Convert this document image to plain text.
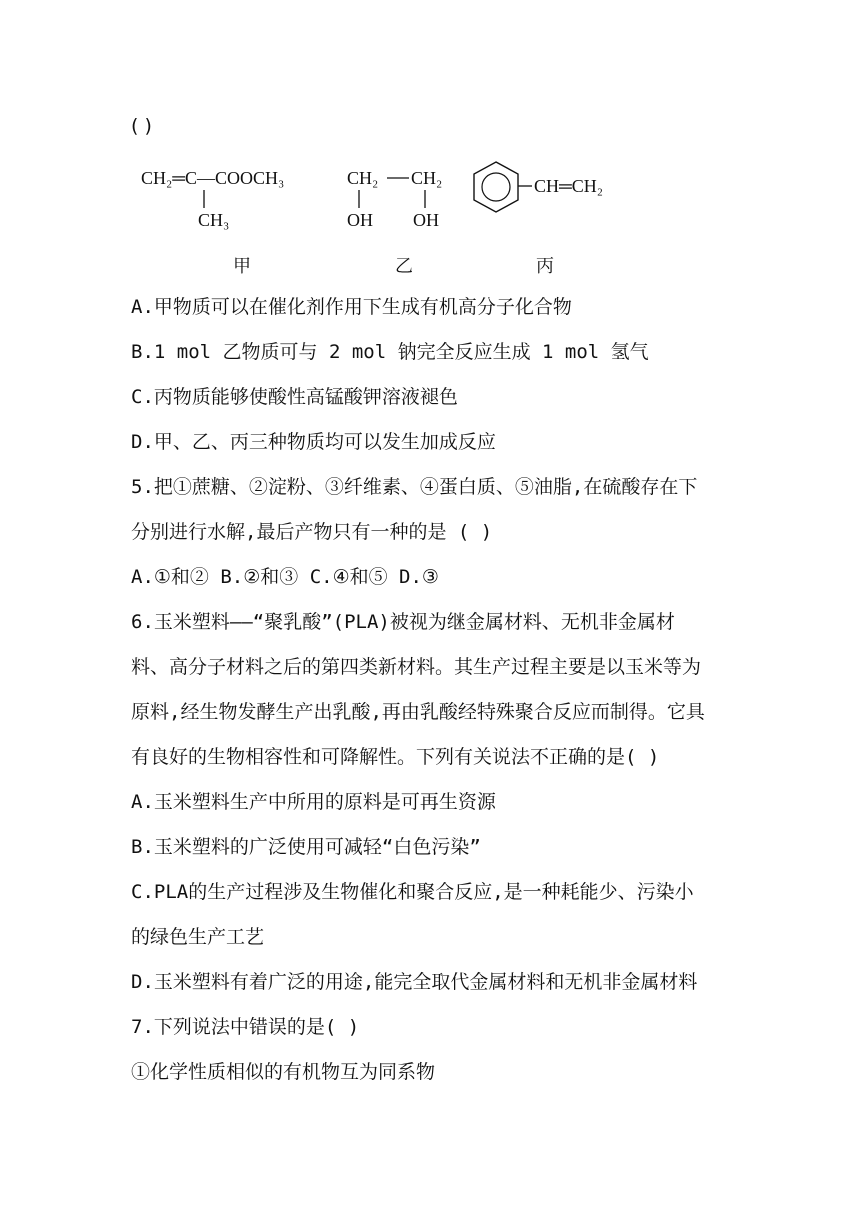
( )
CH₂═C—COOCH₃
CH₃
甲
CH₂ CH₂
OH OH
乙
CH═CH₂
丙
A.甲物质可以在催化剂作用下生成有机高分子化合物
B.1 mol 乙物质可与 2 mol 钠完全反应生成 1 mol 氢气
C.丙物质能够使酸性高锰酸钾溶液褪色
D.甲、乙、丙三种物质均可以发生加成反应
5.把①蔗糖、②淀粉、③纤维素、④蛋白质、⑤油脂,在硫酸存在下
分别进行水解,最后产物只有一种的是 ( )
A.①和② B.②和③ C.④和⑤ D.③
6.玉米塑料——“聚乳酸”(PLA)被视为继金属材料、无机非金属材
料、高分子材料之后的第四类新材料。其生产过程主要是以玉米等为
原料,经生物发酵生产出乳酸,再由乳酸经特殊聚合反应而制得。它具
有良好的生物相容性和可降解性。下列有关说法不正确的是( )
A.玉米塑料生产中所用的原料是可再生资源
B.玉米塑料的广泛使用可减轻“白色污染”
C.PLA的生产过程涉及生物催化和聚合反应,是一种耗能少、污染小
的绿色生产工艺
D.玉米塑料有着广泛的用途,能完全取代金属材料和无机非金属材料
7.下列说法中错误的是( )
①化学性质相似的有机物互为同系物
